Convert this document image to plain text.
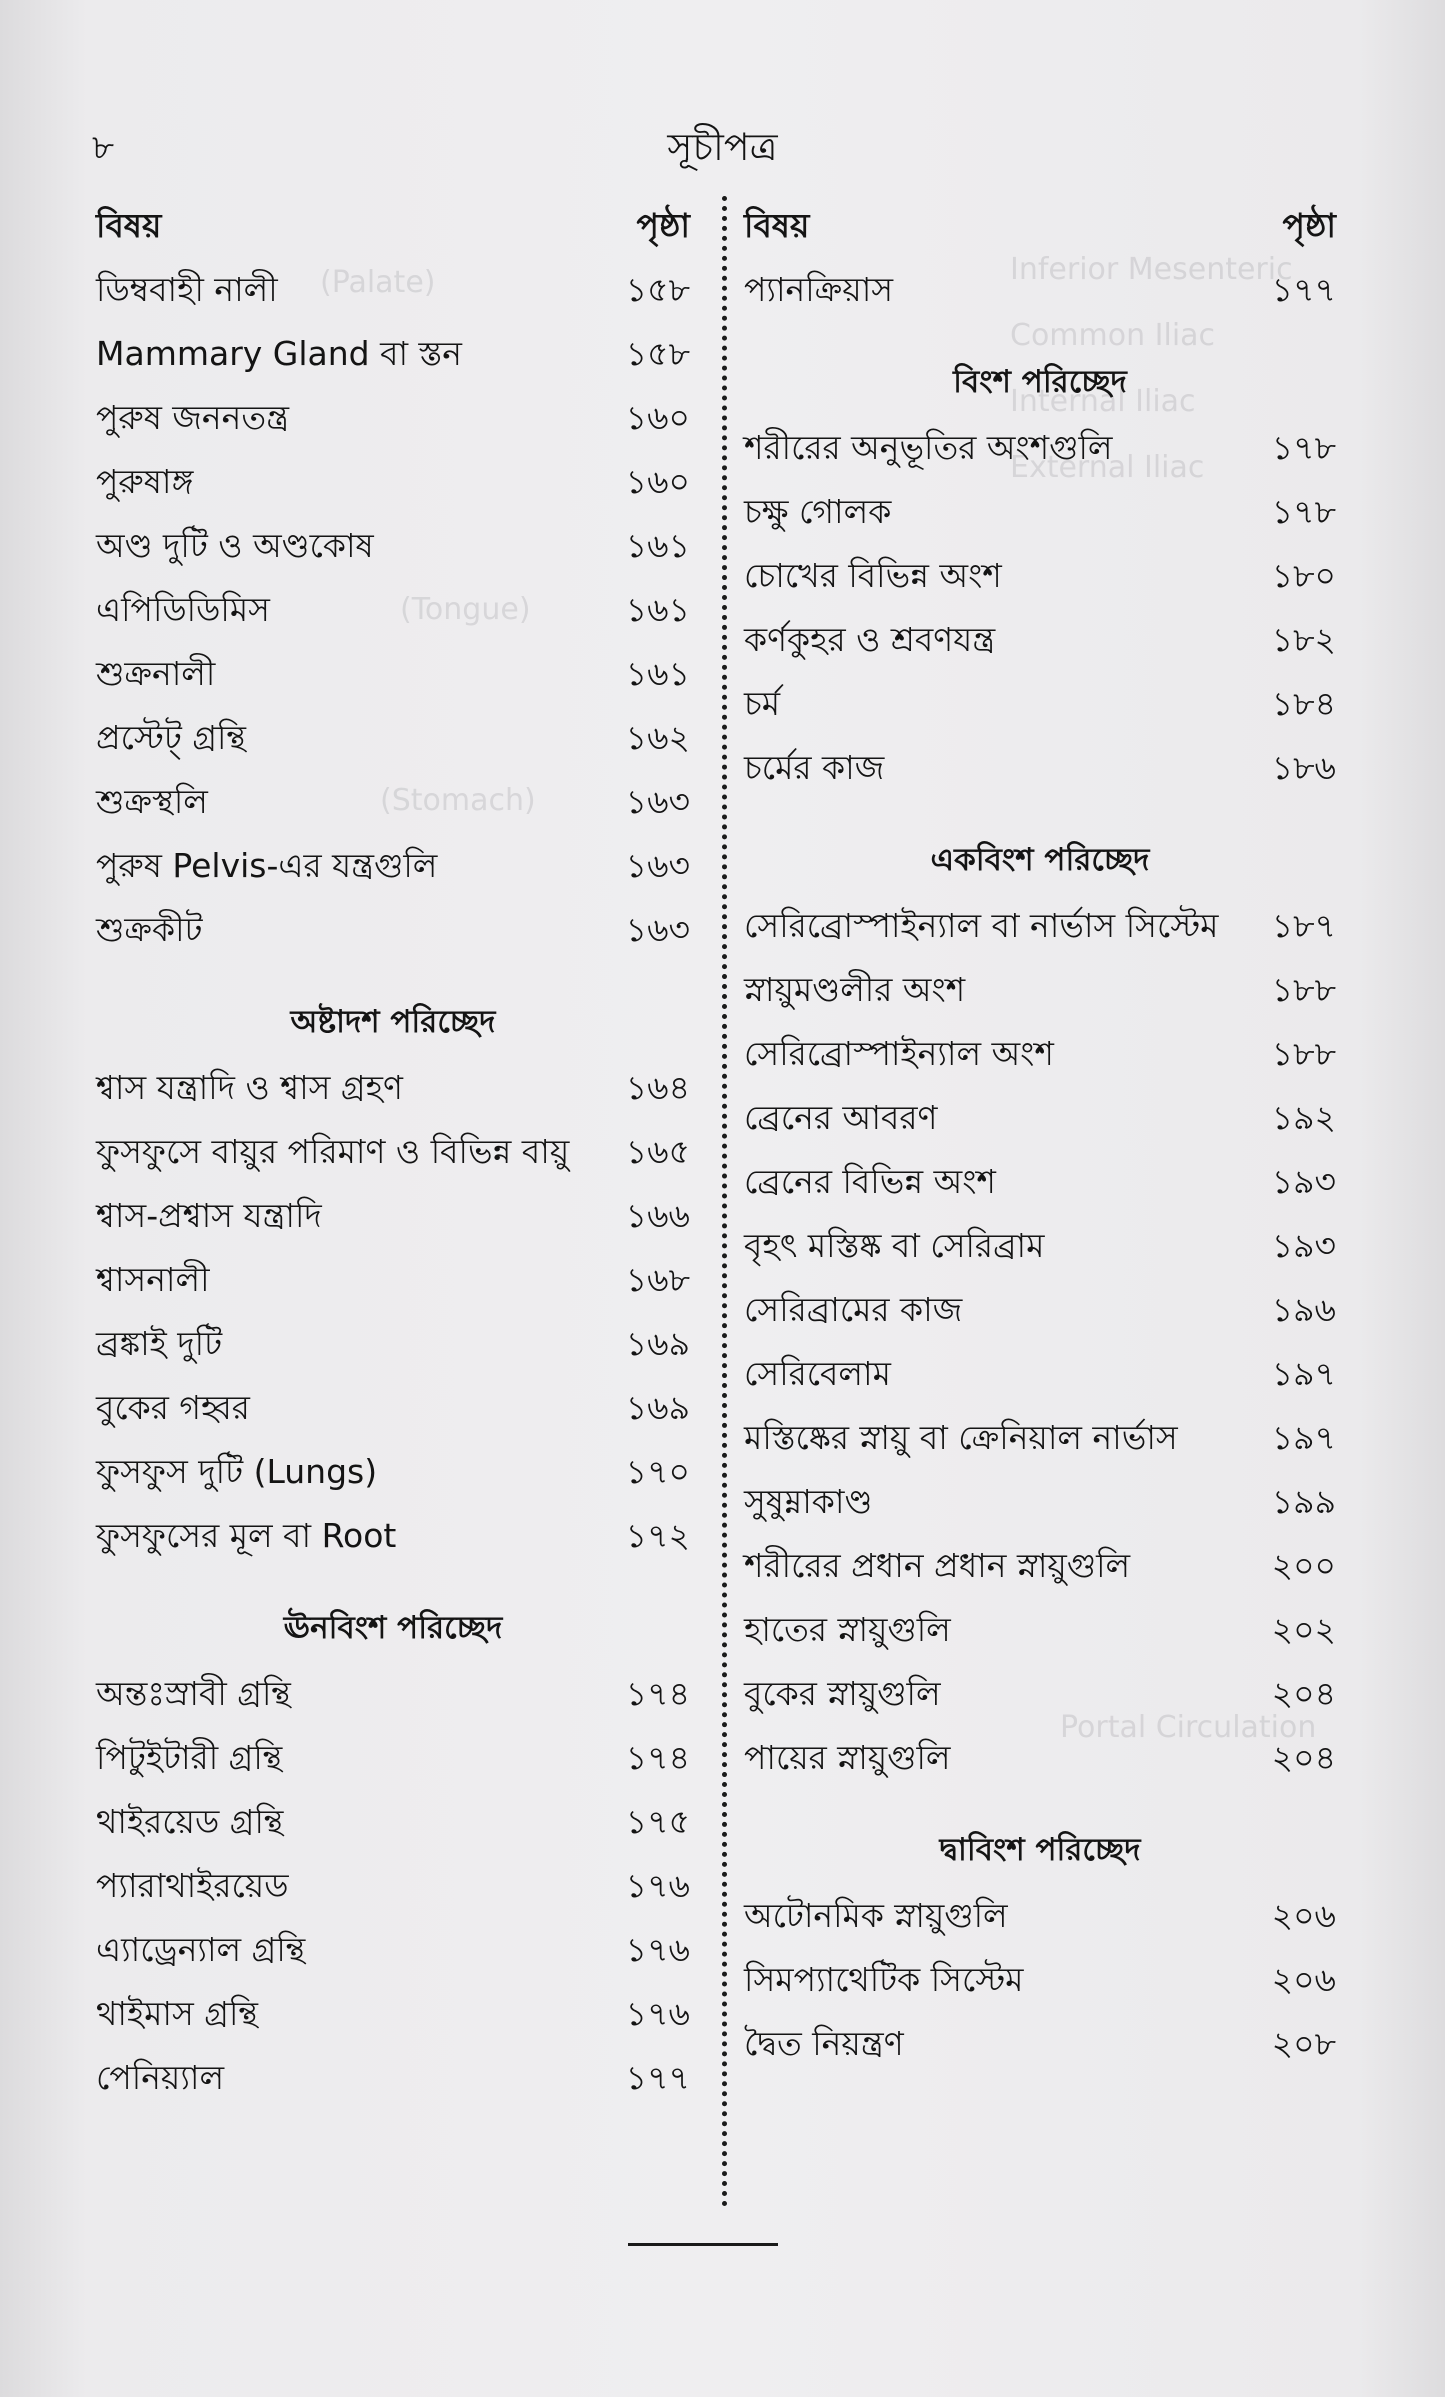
Inferior Mesenteric
Common Iliac
Internal Iliac
External Iliac
Portal Circulation
(Palate)
(Tongue)
(Stomach)
৮	সূচীপত্র
বিষয়	পৃষ্ঠা
ডিম্ববাহী নালী	১৫৮
Mammary Gland বা স্তন	১৫৮
পুরুষ জননতন্ত্র	১৬০
পুরুষাঙ্গ	১৬০
অণ্ড দুটি ও অণ্ডকোষ	১৬১
এপিডিডিমিস	১৬১
শুক্রনালী	১৬১
প্রস্টেট্ গ্রন্থি	১৬২
শুক্রস্থলি	১৬৩
পুরুষ Pelvis-এর যন্ত্রগুলি	১৬৩
শুক্রকীট	১৬৩
অষ্টাদশ পরিচ্ছেদ
শ্বাস যন্ত্রাদি ও শ্বাস গ্রহণ	১৬৪
ফুসফুসে বায়ুর পরিমাণ ও বিভিন্ন বায়ু ১৬৫
শ্বাস-প্রশ্বাস যন্ত্রাদি	১৬৬
শ্বাসনালী	১৬৮
ব্রঙ্কাই দুটি	১৬৯
বুকের গহ্বর	১৬৯
ফুসফুস দুটি (Lungs)	১৭০
ফুসফুসের মূল বা Root	১৭২
ঊনবিংশ পরিচ্ছেদ
অন্তঃস্রাবী গ্রন্থি	১৭৪
পিটুইটারী গ্রন্থি	১৭৪
থাইরয়েড গ্রন্থি	১৭৫
প্যারাথাইরয়েড	১৭৬
এ্যাড্রেন্যাল গ্রন্থি	১৭৬
থাইমাস গ্রন্থি	১৭৬
পেনিয়্যাল	১৭৭
বিষয়	পৃষ্ঠা
প্যানক্রিয়াস	১৭৭
বিংশ পরিচ্ছেদ
শরীরের অনুভূতির অংশগুলি	১৭৮
চক্ষু গোলক	১৭৮
চোখের বিভিন্ন অংশ	১৮০
কর্ণকুহর ও শ্রবণযন্ত্র	১৮২
চর্ম	১৮৪
চর্মের কাজ	১৮৬
একবিংশ পরিচ্ছেদ
সেরিব্রোস্পাইন্যাল বা নার্ভাস সিস্টেম ১৮৭
স্নায়ুমণ্ডলীর অংশ	১৮৮
সেরিব্রোস্পাইন্যাল অংশ	১৮৮
ব্রেনের আবরণ	১৯২
ব্রেনের বিভিন্ন অংশ	১৯৩
বৃহৎ মস্তিষ্ক বা সেরিব্রাম	১৯৩
সেরিব্রামের কাজ	১৯৬
সেরিবেলাম	১৯৭
মস্তিষ্কের স্নায়ু বা ক্রেনিয়াল নার্ভাস	১৯৭
সুষুম্নাকাণ্ড	১৯৯
শরীরের প্রধান প্রধান স্নায়ুগুলি	২০০
হাতের স্নায়ুগুলি	২০২
বুকের স্নায়ুগুলি	২০৪
পায়ের স্নায়ুগুলি	২০৪
দ্বাবিংশ পরিচ্ছেদ
অটোনমিক স্নায়ুগুলি	২০৬
সিমপ্যাথেটিক সিস্টেম	২০৬
দ্বৈত নিয়ন্ত্রণ	২০৮
